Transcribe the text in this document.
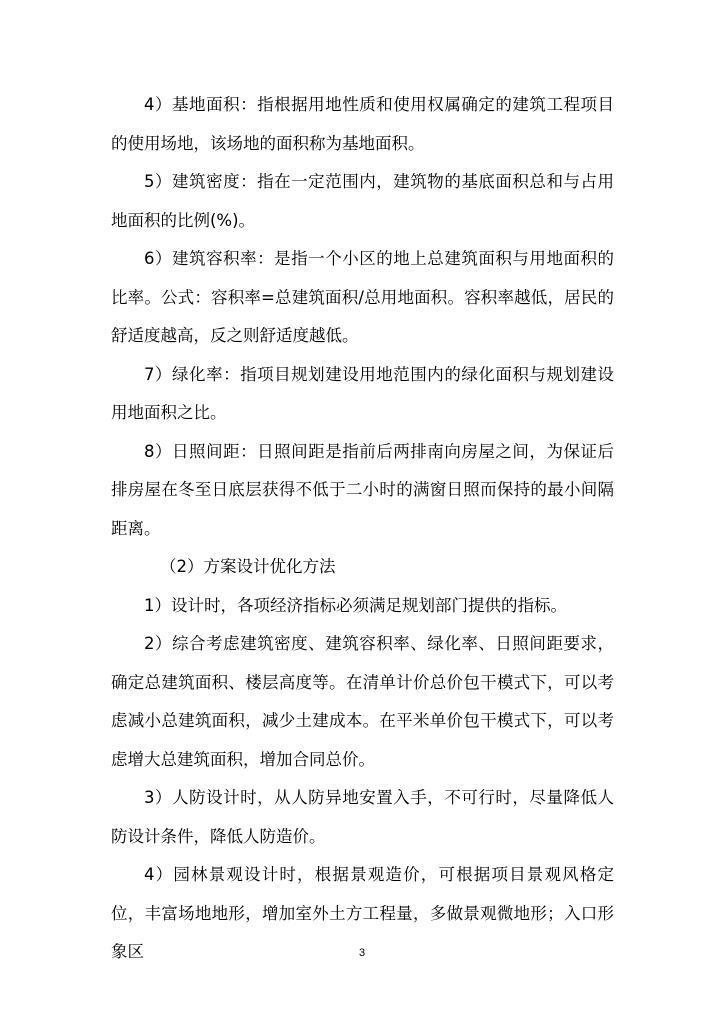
4）基地面积：指根据用地性质和使用权属确定的建筑工程项目的使用场地，该场地的面积称为基地面积。

5）建筑密度：指在一定范围内，建筑物的基底面积总和与占用地面积的比例(%)。

6）建筑容积率：是指一个小区的地上总建筑面积与用地面积的比率。公式：容积率=总建筑面积/总用地面积。容积率越低，居民的舒适度越高，反之则舒适度越低。

7）绿化率：指项目规划建设用地范围内的绿化面积与规划建设用地面积之比。

8）日照间距：日照间距是指前后两排南向房屋之间，为保证后排房屋在冬至日底层获得不低于二小时的满窗日照而保持的最小间隔距离。

（2）方案设计优化方法

1）设计时，各项经济指标必须满足规划部门提供的指标。

2）综合考虑建筑密度、建筑容积率、绿化率、日照间距要求，确定总建筑面积、楼层高度等。在清单计价总价包干模式下，可以考虑减小总建筑面积，减少土建成本。在平米单价包干模式下，可以考虑增大总建筑面积，增加合同总价。

3）人防设计时，从人防异地安置入手，不可行时，尽量降低人防设计条件，降低人防造价。

4）园林景观设计时，根据景观造价，可根据项目景观风格定位，丰富场地地形，增加室外土方工程量，多做景观微地形；入口形象区	3
